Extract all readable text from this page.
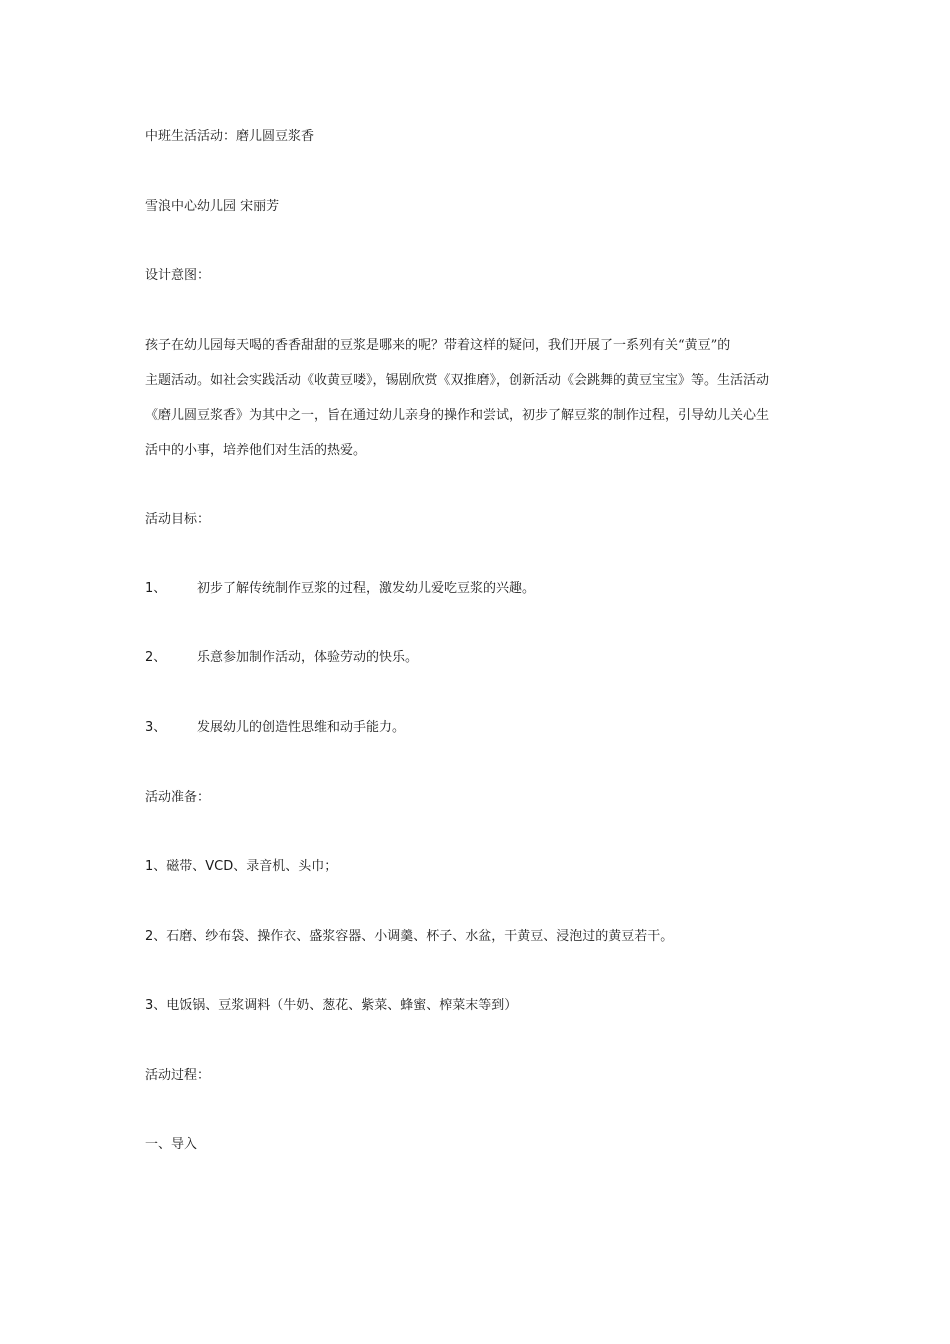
中班生活活动：磨儿圆豆浆香
雪浪中心幼儿园 宋丽芳
设计意图：
孩子在幼儿园每天喝的香香甜甜的豆浆是哪来的呢？带着这样的疑问，我们开展了一系列有关“黄豆”的
主题活动。如社会实践活动《收黄豆喽》，锡剧欣赏《双推磨》，创新活动《会跳舞的黄豆宝宝》等。生活活动
《磨儿圆豆浆香》为其中之一，旨在通过幼儿亲身的操作和尝试，初步了解豆浆的制作过程，引导幼儿关心生
活中的小事，培养他们对生活的热爱。
活动目标：
1、 初步了解传统制作豆浆的过程，激发幼儿爱吃豆浆的兴趣。
2、 乐意参加制作活动，体验劳动的快乐。
3、 发展幼儿的创造性思维和动手能力。
活动准备：
1、磁带、VCD、录音机、头巾；
2、石磨、纱布袋、操作衣、盛浆容器、小调羹、杯子、水盆，干黄豆、浸泡过的黄豆若干。
3、电饭锅、豆浆调料（牛奶、葱花、紫菜、蜂蜜、榨菜末等到）
活动过程：
一、导入
